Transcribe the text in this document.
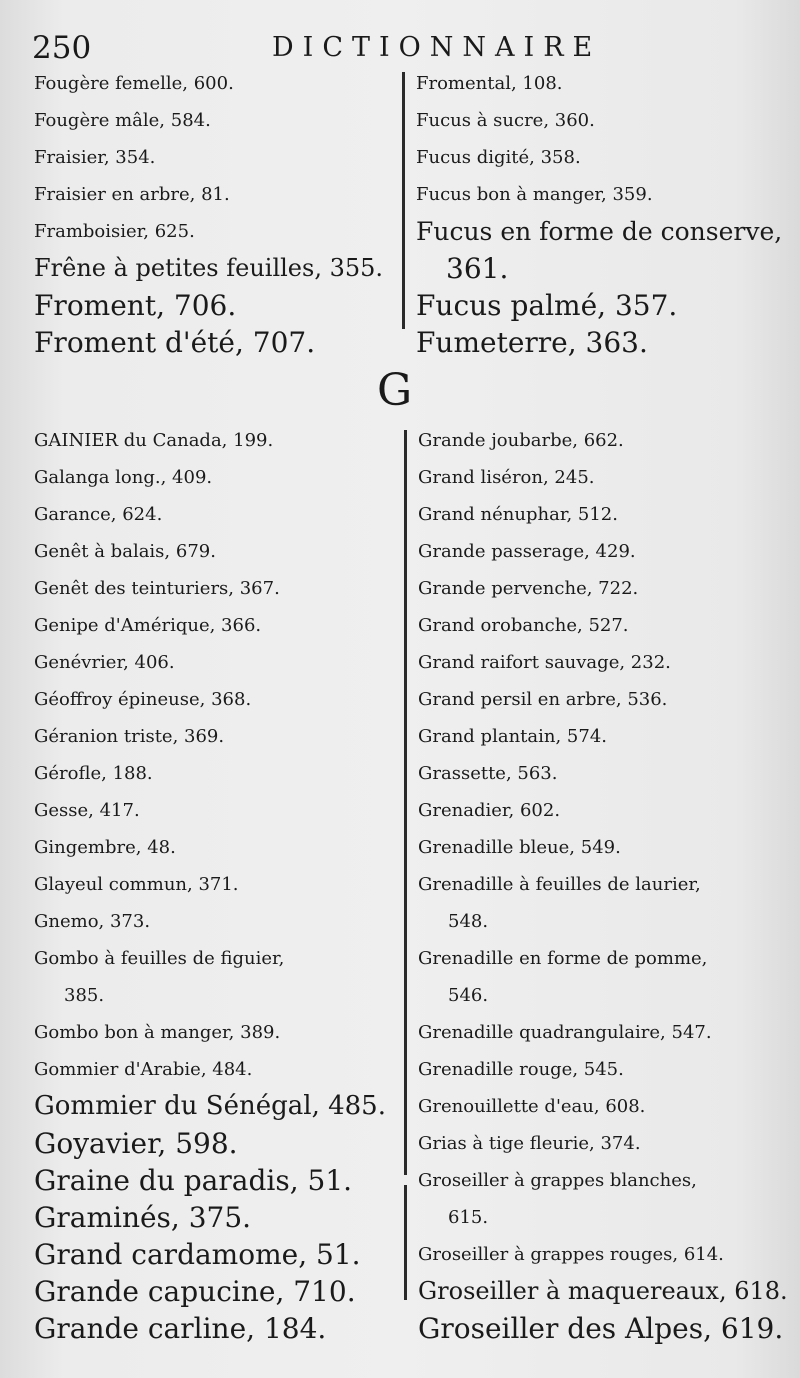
250	DICTIONNAIRE
Fougère femelle, 600.
Fougère mâle, 584.
Fraisier, 354.
Fraisier en arbre, 81.
Framboisier, 625.
Frêne à petites feuilles, 355.
Froment, 706.
Froment d'été, 707.
Fromental, 108.
Fucus à sucre, 360.
Fucus digité, 358.
Fucus bon à manger, 359.
Fucus en forme de conserve,
361.
Fucus palmé, 357.
Fumeterre, 363.
G
GAINIER du Canada, 199.
Galanga long., 409.
Garance, 624.
Genêt à balais, 679.
Genêt des teinturiers, 367.
Genipe d'Amérique, 366.
Genévrier, 406.
Géoffroy épineuse, 368.
Géranion triste, 369.
Gérofle, 188.
Gesse, 417.
Gingembre, 48.
Glayeul commun, 371.
Gnemo, 373.
Gombo à feuilles de figuier,
385.
Gombo bon à manger, 389.
Gommier d'Arabie, 484.
Gommier du Sénégal, 485.
Goyavier, 598.
Graine du paradis, 51.
Graminés, 375.
Grand cardamome, 51.
Grande capucine, 710.
Grande carline, 184.
Grande joubarbe, 662.
Grand liséron, 245.
Grand nénuphar, 512.
Grande passerage, 429.
Grande pervenche, 722.
Grand orobanche, 527.
Grand raifort sauvage, 232.
Grand persil en arbre, 536.
Grand plantain, 574.
Grassette, 563.
Grenadier, 602.
Grenadille bleue, 549.
Grenadille à feuilles de laurier,
548.
Grenadille en forme de pomme,
546.
Grenadille quadrangulaire, 547.
Grenadille rouge, 545.
Grenouillette d'eau, 608.
Grias à tige fleurie, 374.
Groseiller à grappes blanches,
615.
Groseiller à grappes rouges, 614.
Groseiller à maquereaux, 618.
Groseiller des Alpes, 619.
